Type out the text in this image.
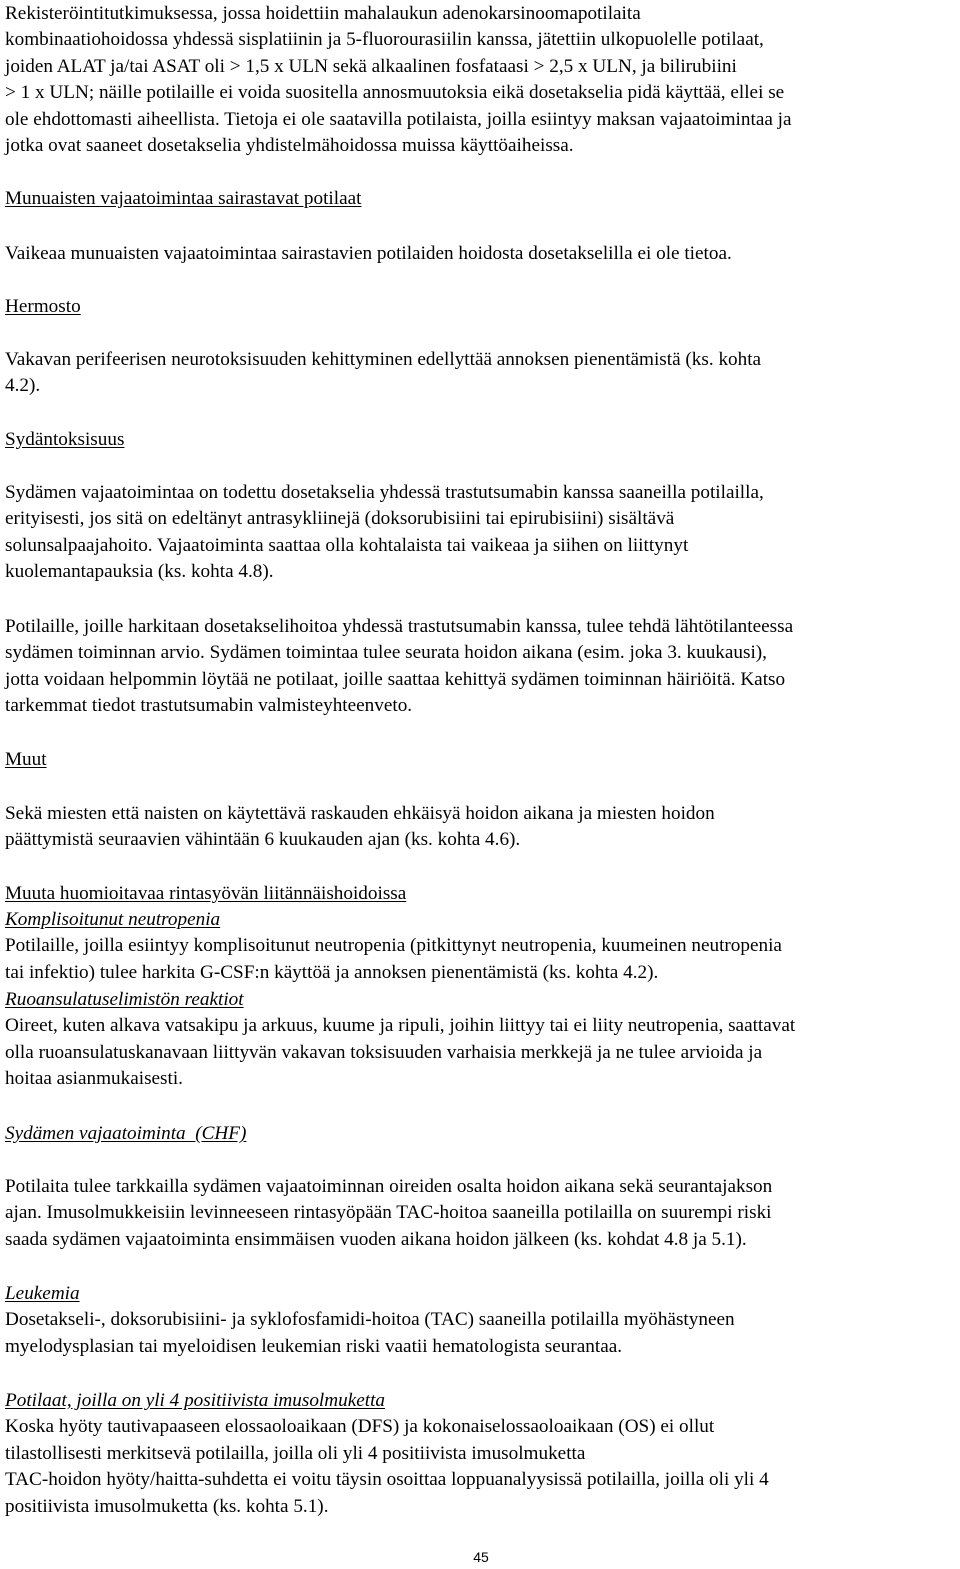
Rekisteröintitutkimuksessa, jossa hoidettiin mahalaukun adenokarsinoomapotilaita
kombinaatiohoidossa yhdessä sisplatiinin ja 5-fluorourasiilin kanssa, jätettiin ulkopuolelle potilaat,
joiden ALAT ja/tai ASAT oli > 1,5 x ULN sekä alkaalinen fosfataasi > 2,5 x ULN, ja bilirubiini
> 1 x ULN; näille potilaille ei voida suositella annosmuutoksia eikä dosetakselia pidä käyttää, ellei se
ole ehdottomasti aiheellista. Tietoja ei ole saatavilla potilaista, joilla esiintyy maksan vajaatoimintaa ja
jotka ovat saaneet dosetakselia yhdistelmähoidossa muissa käyttöaiheissa.

Munuaisten vajaatoimintaa sairastavat potilaat

Vaikeaa munuaisten vajaatoimintaa sairastavien potilaiden hoidosta dosetakselilla ei ole tietoa.

Hermosto

Vakavan perifeerisen neurotoksisuuden kehittyminen edellyttää annoksen pienentämistä (ks. kohta
4.2).

Sydäntoksisuus

Sydämen vajaatoimintaa on todettu dosetakselia yhdessä trastutsumabin kanssa saaneilla potilailla,
erityisesti, jos sitä on edeltänyt antrasykliinejä (doksorubisiini tai epirubisiini) sisältävä
solunsalpaajahoito. Vajaatoiminta saattaa olla kohtalaista tai vaikeaa ja siihen on liittynyt
kuolemantapauksia (ks. kohta 4.8).

Potilaille, joille harkitaan dosetakselihoitoa yhdessä trastutsumabin kanssa, tulee tehdä lähtötilanteessa
sydämen toiminnan arvio. Sydämen toimintaa tulee seurata hoidon aikana (esim. joka 3. kuukausi),
jotta voidaan helpommin löytää ne potilaat, joille saattaa kehittyä sydämen toiminnan häiriöitä. Katso
tarkemmat tiedot trastutsumabin valmisteyhteenveto.

Muut

Sekä miesten että naisten on käytettävä raskauden ehkäisyä hoidon aikana ja miesten hoidon
päättymistä seuraavien vähintään 6 kuukauden ajan (ks. kohta 4.6).

Muuta huomioitavaa rintasyövän liitännäishoidoissa

Komplisoitunut neutropenia
Potilaille, joilla esiintyy komplisoitunut neutropenia (pitkittynyt neutropenia, kuumeinen neutropenia
tai infektio) tulee harkita G-CSF:n käyttöä ja annoksen pienentämistä (ks. kohta 4.2).

Ruoansulatuselimistön reaktiot
Oireet, kuten alkava vatsakipu ja arkuus, kuume ja ripuli, joihin liittyy tai ei liity neutropenia, saattavat
olla ruoansulatuskanavaan liittyvän vakavan toksisuuden varhaisia merkkejä ja ne tulee arvioida ja
hoitaa asianmukaisesti.

Sydämen vajaatoiminta  (CHF)

Potilaita tulee tarkkailla sydämen vajaatoiminnan oireiden osalta hoidon aikana sekä seurantajakson
ajan. Imusolmukkeisiin levinneeseen rintasyöpään TAC-hoitoa saaneilla potilailla on suurempi riski
saada sydämen vajaatoiminta ensimmäisen vuoden aikana hoidon jälkeen (ks. kohdat 4.8 ja 5.1).

Leukemia
Dosetakseli-, doksorubisiini- ja syklofosfamidi-hoitoa (TAC) saaneilla potilailla myöhästyneen
myelodysplasian tai myeloidisen leukemian riski vaatii hematologista seurantaa.

Potilaat, joilla on yli 4 positiivista imusolmuketta
Koska hyöty tautivapaaseen elossaoloaikaan (DFS) ja kokonaiselossaoloaikaan (OS) ei ollut
tilastollisesti merkitsevä potilailla, joilla oli yli 4 positiivista imusolmuketta
TAC-hoidon hyöty/haitta-suhdetta ei voitu täysin osoittaa loppuanalyysissä potilailla, joilla oli yli 4
positiivista imusolmuketta (ks. kohta 5.1).

45
